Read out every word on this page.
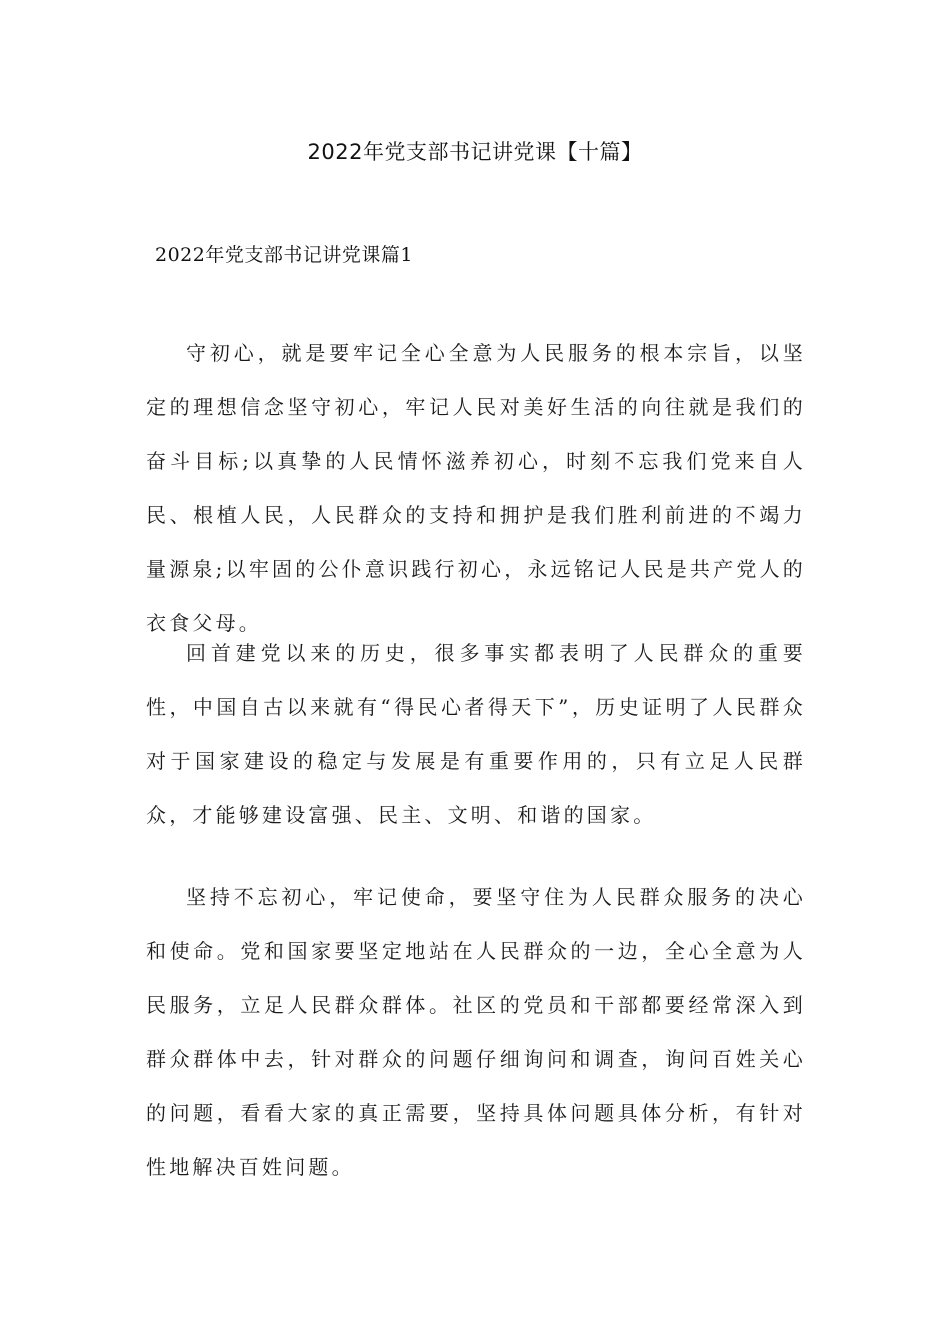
2022年党支部书记讲党课【十篇】
2022年党支部书记讲党课篇1

守初心，就是要牢记全心全意为人民服务的根本宗旨，以坚定的理想信念坚守初心，牢记人民对美好生活的向往就是我们的奋斗目标;以真挚的人民情怀滋养初心，时刻不忘我们党来自人民、根植人民，人民群众的支持和拥护是我们胜利前进的不竭力量源泉;以牢固的公仆意识践行初心，永远铭记人民是共产党人的衣食父母。

回首建党以来的历史，很多事实都表明了人民群众的重要性，中国自古以来就有“得民心者得天下”，历史证明了人民群众对于国家建设的稳定与发展是有重要作用的，只有立足人民群众，才能够建设富强、民主、文明、和谐的国家。

坚持不忘初心，牢记使命，要坚守住为人民群众服务的决心和使命。党和国家要坚定地站在人民群众的一边，全心全意为人民服务，立足人民群众群体。社区的党员和干部都要经常深入到群众群体中去，针对群众的问题仔细询问和调查，询问百姓关心的问题，看看大家的真正需要，坚持具体问题具体分析，有针对性地解决百姓问题。
